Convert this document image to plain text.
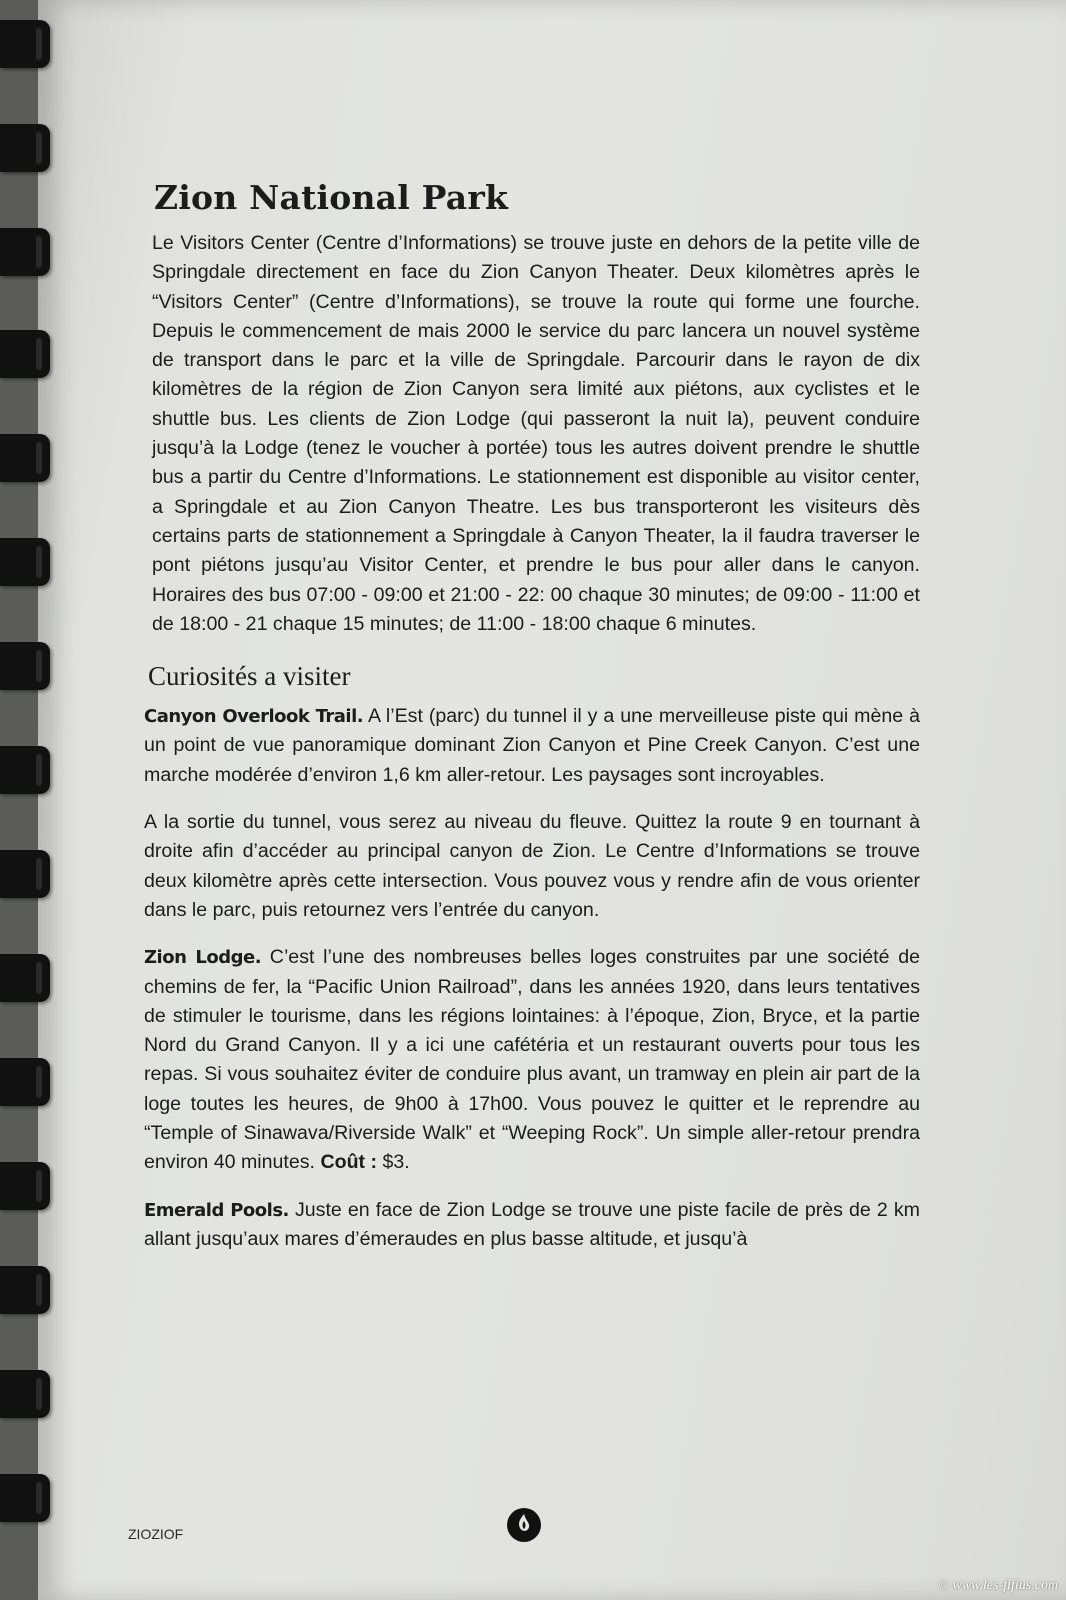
Zion National Park

Le Visitors Center (Centre d’Informations) se trouve juste en dehors de la petite ville de Springdale directement en face du Zion Canyon Theater. Deux kilomètres après le “Visitors Center” (Centre d’Informations), se trouve la route qui forme une fourche. Depuis le commencement de mais 2000 le service du parc lancera un nouvel système de transport dans le parc et la ville de Springdale. Parcourir dans le rayon de dix kilomètres de la région de Zion Canyon sera limité aux piétons, aux cyclistes et le shuttle bus. Les clients de Zion Lodge (qui passeront la nuit la), peuvent conduire jusqu’à la Lodge (tenez le voucher à portée) tous les autres doivent prendre le shuttle bus a partir du Centre d’Informations. Le stationnement est disponible au visitor center, a Springdale et au Zion Canyon Theatre. Les bus transporteront les visiteurs dès certains parts de stationnement a Springdale à Canyon Theater, la il faudra traverser le pont piétons jusqu’au Visitor Center, et prendre le bus pour aller dans le canyon. Horaires des bus 07:00 - 09:00 et 21:00 - 22: 00 chaque 30 minutes; de 09:00 - 11:00 et de 18:00 - 21 chaque 15 minutes; de 11:00 - 18:00 chaque 6 minutes.

Curiosités a visiter

Canyon Overlook Trail. A l’Est (parc) du tunnel il y a une merveilleuse piste qui mène à un point de vue panoramique dominant Zion Canyon et Pine Creek Canyon. C’est une marche modérée d’environ 1,6 km aller-retour. Les paysages sont incroyables.

A la sortie du tunnel, vous serez au niveau du fleuve. Quittez la route 9 en tournant à droite afin d’accéder au principal canyon de Zion. Le Centre d’Informations se trouve deux kilomètre après cette intersection. Vous pouvez vous y rendre afin de vous orienter dans le parc, puis retournez vers l’entrée du canyon.

Zion Lodge. C’est l’une des nombreuses belles loges construites par une société de chemins de fer, la “Pacific Union Railroad”, dans les années 1920, dans leurs tentatives de stimuler le tourisme, dans les régions lointaines: à l’époque, Zion, Bryce, et la partie Nord du Grand Canyon. Il y a ici une cafétéria et un restaurant ouverts pour tous les repas. Si vous souhaitez éviter de conduire plus avant, un tramway en plein air part de la loge toutes les heures, de 9h00 à 17h00. Vous pouvez le quitter et le reprendre au “Temple of Sinawava/Riverside Walk” et “Weeping Rock”. Un simple aller-retour prendra environ 40 minutes. Coût : $3.

Emerald Pools. Juste en face de Zion Lodge se trouve une piste facile de près de 2 km allant jusqu’aux mares d’émeraudes en plus basse altitude, et jusqu’à

ZIOZIOF
© www.les-fifius.com
